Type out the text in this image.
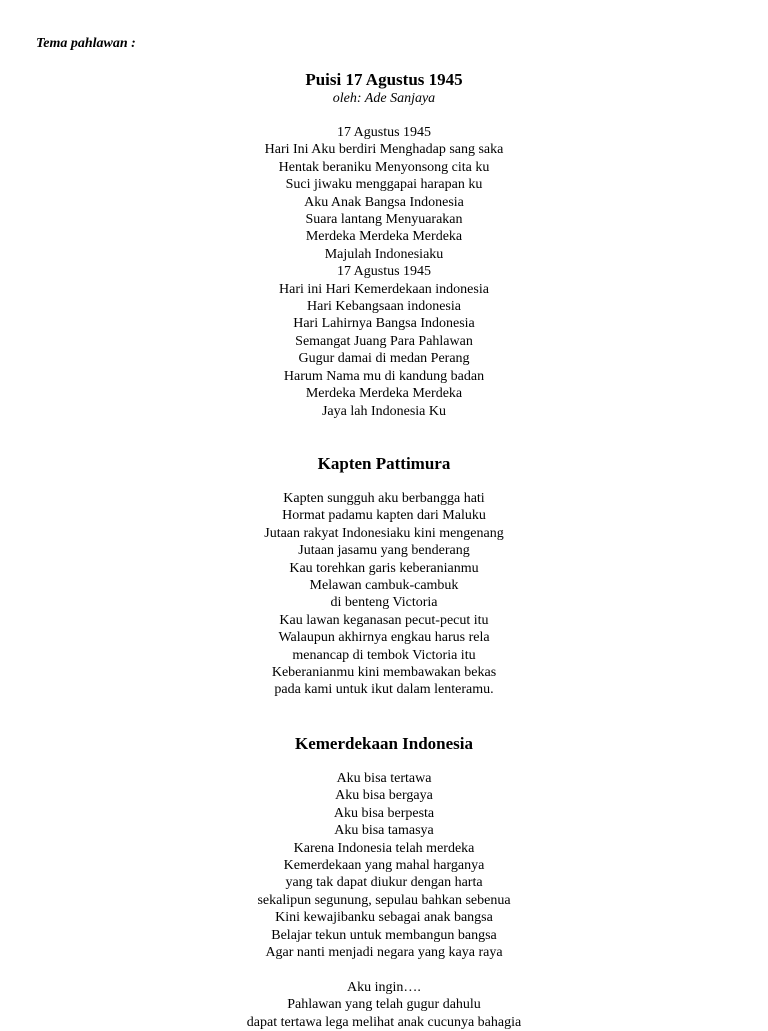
Tema pahlawan :
Puisi 17 Agustus 1945

oleh: Ade Sanjaya

17 Agustus 1945
Hari Ini Aku berdiri Menghadap sang saka
Hentak beraniku Menyonsong cita ku
Suci jiwaku menggapai harapan ku
Aku Anak Bangsa Indonesia
Suara lantang Menyuarakan
Merdeka Merdeka Merdeka
Majulah Indonesiaku
17 Agustus 1945
Hari ini Hari Kemerdekaan indonesia
Hari Kebangsaan indonesia
Hari Lahirnya Bangsa Indonesia
Semangat Juang Para Pahlawan
Gugur damai di medan Perang
Harum Nama mu di kandung badan
Merdeka Merdeka Merdeka
Jaya lah Indonesia Ku
Kapten Pattimura
Kapten sungguh aku berbangga hati
Hormat padamu kapten dari Maluku
Jutaan rakyat Indonesiaku kini mengenang
Jutaan jasamu yang benderang
Kau torehkan garis keberanianmu
Melawan cambuk-cambuk
di benteng Victoria
Kau lawan keganasan pecut-pecut itu
Walaupun akhirnya engkau harus rela
menancap di tembok Victoria itu
Keberanianmu kini membawakan bekas
pada kami untuk ikut dalam lenteramu.
Kemerdekaan Indonesia
Aku bisa tertawa
Aku bisa bergaya
Aku bisa berpesta
Aku bisa tamasya
Karena Indonesia telah merdeka
Kemerdekaan yang mahal harganya
yang tak dapat diukur dengan harta
sekalipun segunung, sepulau bahkan sebenua
Kini kewajibanku sebagai anak bangsa
Belajar tekun untuk membangun bangsa
Agar nanti menjadi negara yang kaya raya
Aku ingin….
Pahlawan yang telah gugur dahulu
dapat tertawa lega melihat anak cucunya bahagia
